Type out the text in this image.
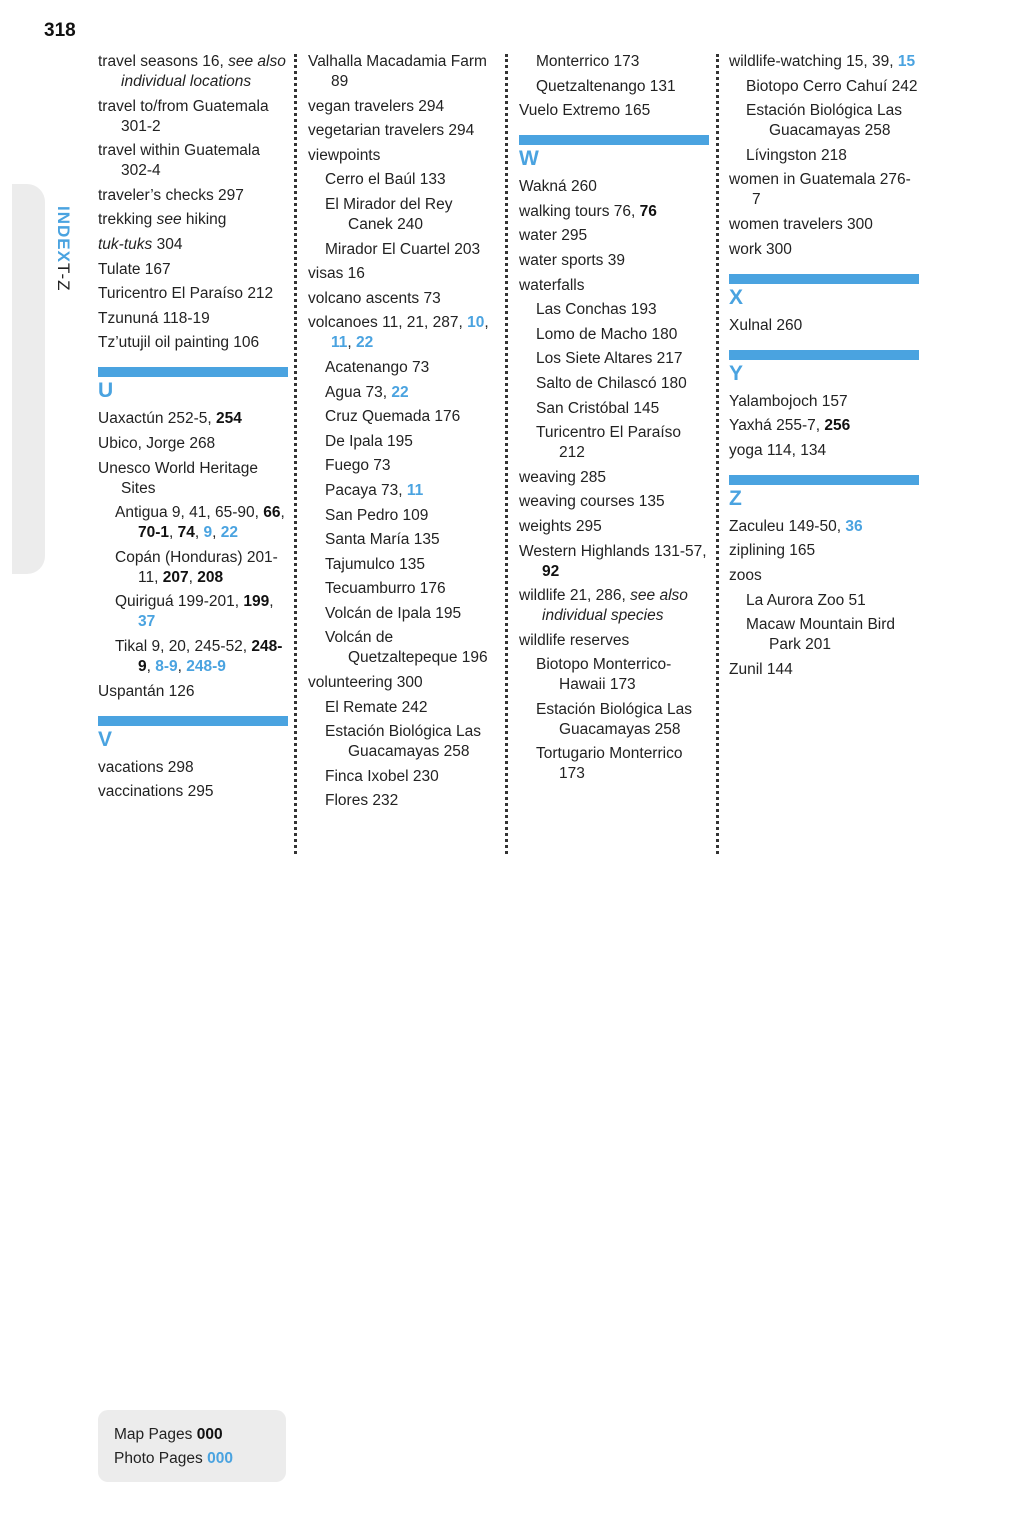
318
INDEXT-Z
travel seasons 16, see also individual locations
travel to/from Guatemala 301-2
travel within Guatemala 302-4
traveler’s checks 297
trekking see hiking
tuk-tuks 304
Tulate 167
Turicentro El Paraíso 212
Tzununá 118-19
Tz’utujil oil painting 106
U
Uaxactún 252-5, 254
Ubico, Jorge 268
Unesco World Heritage Sites
Antigua 9, 41, 65-90, 66, 70-1, 74, 9, 22
Copán (Honduras) 201-11, 207, 208
Quiriguá 199-201, 199, 37
Tikal 9, 20, 245-52, 248-9, 8-9, 248-9
Uspantán 126
V
vacations 298
vaccinations 295
Valhalla Macadamia Farm 89
vegan travelers 294
vegetarian travelers 294
viewpoints
Cerro el Baúl 133
El Mirador del Rey Canek 240
Mirador El Cuartel 203
visas 16
volcano ascents 73
volcanoes 11, 21, 287, 10, 11, 22
Acatenango 73
Agua 73, 22
Cruz Quemada 176
De Ipala 195
Fuego 73
Pacaya 73, 11
San Pedro 109
Santa María 135
Tajumulco 135
Tecuamburro 176
Volcán de Ipala 195
Volcán de Quetzaltepeque 196
volunteering 300
El Remate 242
Estación Biológica Las Guacamayas 258
Finca Ixobel 230
Flores 232
Monterrico 173
Quetzaltenango 131
Vuelo Extremo 165
W
Wakná 260
walking tours 76, 76
water 295
water sports 39
waterfalls
Las Conchas 193
Lomo de Macho 180
Los Siete Altares 217
Salto de Chilascó 180
San Cristóbal 145
Turicentro El Paraíso 212
weaving 285
weaving courses 135
weights 295
Western Highlands 131-57, 92
wildlife 21, 286, see also individual species
wildlife reserves
Biotopo Monterrico-Hawaii 173
Estación Biológica Las Guacamayas 258
Tortugario Monterrico 173
wildlife-watching 15, 39, 15
Biotopo Cerro Cahuí 242
Estación Biológica Las Guacamayas 258
Lívingston 218
women in Guatemala 276-7
women travelers 300
work 300
X
Xulnal 260
Y
Yalambojoch 157
Yaxhá 255-7, 256
yoga 114, 134
Z
Zaculeu 149-50, 36
ziplining 165
zoos
La Aurora Zoo 51
Macaw Mountain Bird Park 201
Zunil 144
Map Pages 000
Photo Pages 000
